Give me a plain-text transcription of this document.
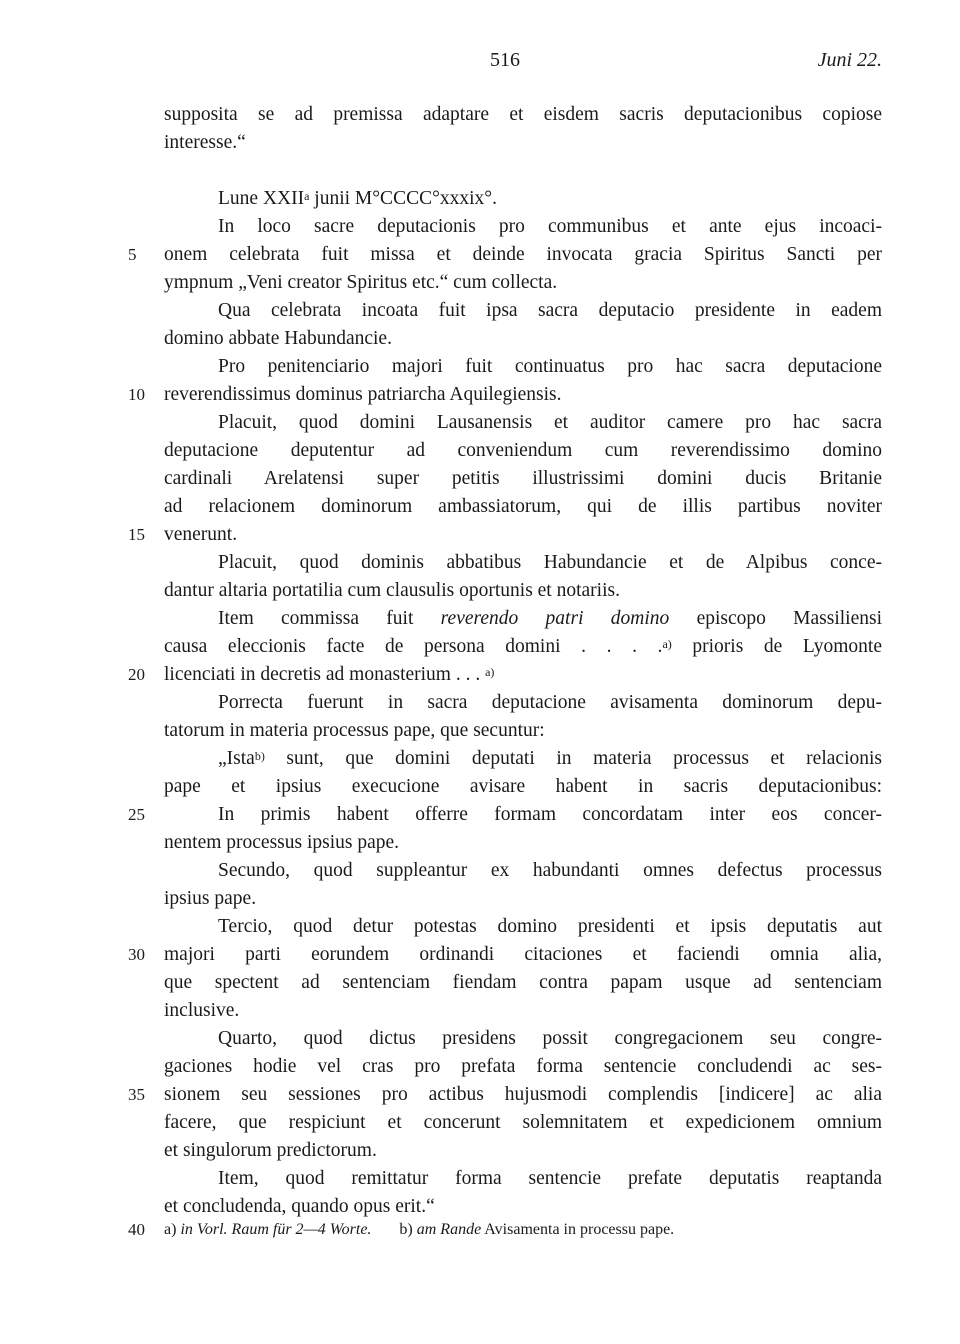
516	Juni 22.
supposita se ad premissa adaptare et eisdem sacris deputacionibus copiose
interesse.“
Lune XXII$^a$ junii M°CCCC°xxxix°.
In loco sacre deputacionis pro communibus et ante ejus incoaci-
onem celebrata fuit missa et deinde invocata gracia Spiritus Sancti per
5
ympnum „Veni creator Spiritus etc.“ cum collecta.
Qua celebrata incoata fuit ipsa sacra deputacio presidente in eadem
domino abbate Habundancie.
Pro penitenciario majori fuit continuatus pro hac sacra deputacione
reverendissimus dominus patriarcha Aquilegiensis.
10
Placuit, quod domini Lausanensis et auditor camere pro hac sacra
deputacione deputentur ad conveniendum cum reverendissimo domino
cardinali Arelatensi super petitis illustrissimi domini ducis Britanie
ad relacionem dominorum ambassiatorum, qui de illis partibus noviter
venerunt.
15
Placuit, quod dominis abbatibus Habundancie et de Alpibus conce-
dantur altaria portatilia cum clausulis oportunis et notariis.
Item commissa fuit reverendo patri domino episcopo Massiliensi
causa eleccionis facte de persona domini . . . .$^{a)}$ prioris de Lyomonte
licenciati in decretis ad monasterium . . . $^{a)}$
20
Porrecta fuerunt in sacra deputacione avisamenta dominorum depu-
tatorum in materia processus pape, que secuntur:
„Ista$^{b)}$ sunt, que domini deputati in materia processus et relacionis
pape et ipsius execucione avisare habent in sacris deputacionibus:
In primis habent offerre formam concordatam inter eos concer-
25
nentem processus ipsius pape.
Secundo, quod suppleantur ex habundanti omnes defectus processus
ipsius pape.
Tercio, quod detur potestas domino presidenti et ipsis deputatis aut
majori parti eorundem ordinandi citaciones et faciendi omnia alia,
30
que spectent ad sentenciam fiendam contra papam usque ad sentenciam
inclusive.
Quarto, quod dictus presidens possit congregacionem seu congre-
gaciones hodie vel cras pro prefata forma sentencie concludendi ac ses-
sionem seu sessiones pro actibus hujusmodi complendis [indicere] ac alia
35
facere, que respiciunt et concerunt solemnitatem et expedicionem omnium
et singulorum predictorum.
Item, quod remittatur forma sentencie prefate deputatis reaptanda
et concludenda, quando opus erit.“
40	a) in Vorl. Raum für 2—4 Worte. b) am Rande Avisamenta in processu pape.
